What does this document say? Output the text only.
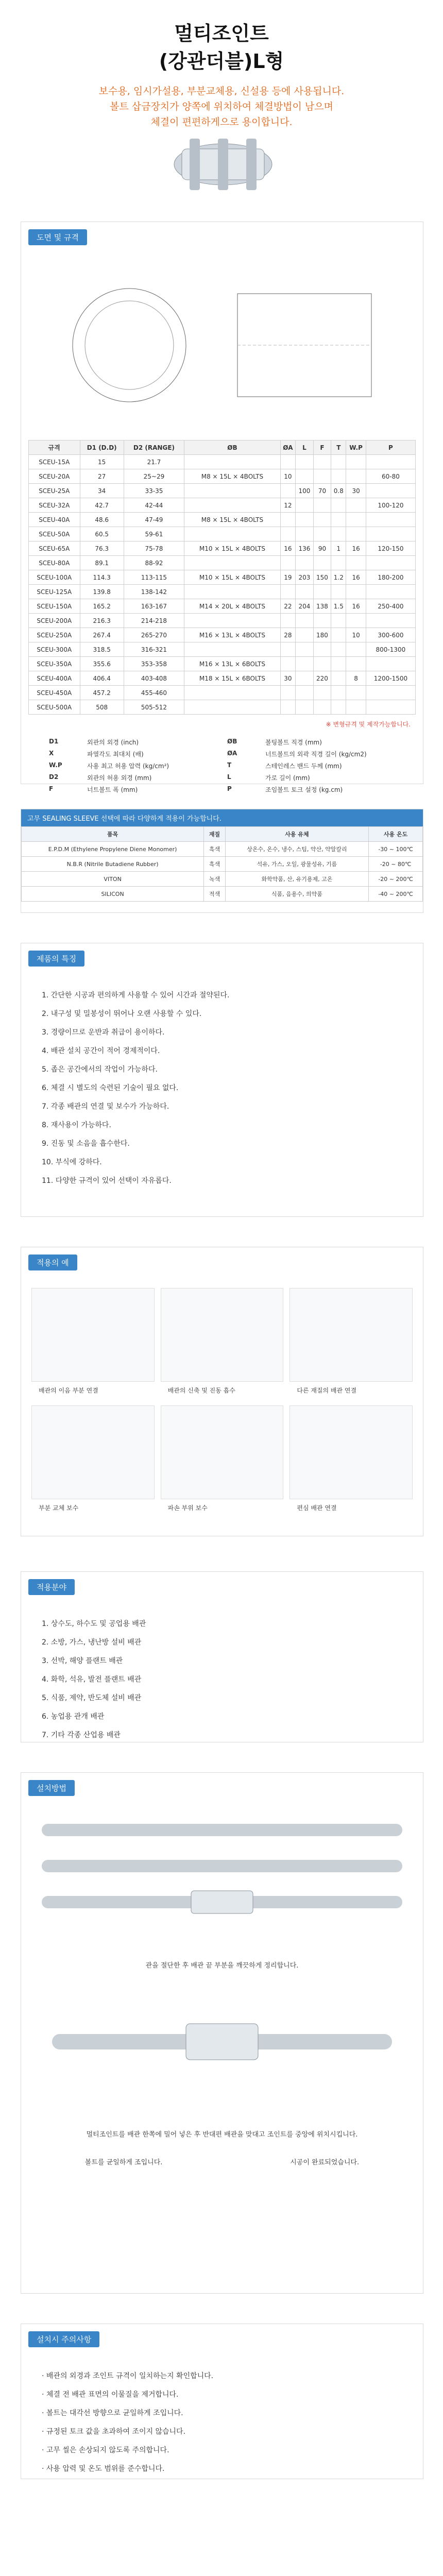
멀티조인트
(강관더블)L형
보수용, 임시가설용, 부분교체용, 신설용 등에 사용됩니다.
볼트 삽금장치가 양쪽에 위치하여 체결방법이 남으며
체결이 편편하게으로 용이합니다.
도면 및 규격
규격	D1 (D.D)	D2 (RANGE)	ØB	ØA	L	F	T	W.P	P
SCEU-15A	15	21.7							
SCEU-20A	27	25~29	M8 × 15L × 4BOLTS	10					60-80
SCEU-25A	34	33-35			100	70	0.8	30	
SCEU-32A	42.7	42-44		12					100-120
SCEU-40A	48.6	47-49	M8 × 15L × 4BOLTS						
SCEU-50A	60.5	59-61							
SCEU-65A	76.3	75-78	M10 × 15L × 4BOLTS	16	136	90	1	16	120-150
SCEU-80A	89.1	88-92							
SCEU-100A	114.3	113-115	M10 × 15L × 4BOLTS	19	203	150	1.2	16	180-200
SCEU-125A	139.8	138-142							
SCEU-150A	165.2	163-167	M14 × 20L × 4BOLTS	22	204	138	1.5	16	250-400
SCEU-200A	216.3	214-218							
SCEU-250A	267.4	265-270	M16 × 13L × 4BOLTS	28		180		10	300-600
SCEU-300A	318.5	316-321							800-1300
SCEU-350A	355.6	353-358	M16 × 13L × 6BOLTS						
SCEU-400A	406.4	403-408	M18 × 15L × 6BOLTS	30		220		8	1200-1500
SCEU-450A	457.2	455-460							
SCEU-500A	508	505-512							
※ 변형규격 및 제작가능합니다.
D1	외관의 외경 (inch)	ØB	볼팅볼트 직경 (mm)
X	파열각도 최대치 (배)	ØA	너트볼트의 외곽 직경 길이 (kg/cm2)
W.P	사용 최고 허용 압력 (kg/cm²)	T	스테인레스 밴드 두께 (mm)
D2	외관의 허용 외경 (mm)	L	가로 길이 (mm)
F	너트볼트 폭 (mm)	P	조임볼트 토크 설정 (kg.cm)
고무 SEALING SLEEVE 선택에 따라 다양하게 적용이 가능합니다.
품목	재질	사용 유체	사용 온도
E.P.D.M (Ethylene Propylene Diene Monomer)	흑색	상온수, 온수, 냉수, 스팀, 약산, 약알칼리	-30 ~ 100℃
N.B.R (Nitrile Butadiene Rubber)	흑색	석유, 가스, 오일, 광물성유, 기름	-20 ~ 80℃
VITON	녹색	화학약품, 산, 유기용제, 고온	-20 ~ 200℃
SILICON	적색	식품, 음용수, 의약품	-40 ~ 200℃
제품의 특징
1. 간단한 시공과 편의하게 사용할 수 있어 시간과 절약된다.
2. 내구성 및 밀봉성이 뛰어나 오랜 사용할 수 있다.
3. 경량이므로 운반과 취급이 용이하다.
4. 배관 설치 공간이 적어 경제적이다.
5. 좁은 공간에서의 작업이 가능하다.
6. 체결 시 별도의 숙련된 기술이 필요 없다.
7. 각종 배관의 연결 및 보수가 가능하다.
8. 재사용이 가능하다.
9. 진동 및 소음을 흡수한다.
10. 부식에 강하다.
11. 다양한 규격이 있어 선택이 자유롭다.
적용의 예
배관의 이음 부분 연결	배관의 신축 및 진동 흡수	다른 재질의 배관 연결
부분 교체 보수	파손 부위 보수	편심 배관 연결
적용분야
1. 상수도, 하수도 및 공업용 배관
2. 소방, 가스, 냉난방 설비 배관
3. 선박, 해양 플랜트 배관
4. 화학, 석유, 발전 플랜트 배관
5. 식품, 제약, 반도체 설비 배관
6. 농업용 관개 배관
7. 기타 각종 산업용 배관
설치방법
관을 절단한 후 배관 끝 부분을 깨끗하게 정리합니다.
멀티조인트를 배관 한쪽에 밀어 넣은 후 반대편 배관을 맞대고 조인트를 중앙에 위치시킵니다.
볼트를 균일하게 조입니다.	시공이 완료되었습니다.
설치시 주의사항
· 배관의 외경과 조인트 규격이 일치하는지 확인합니다.
· 체결 전 배관 표면의 이물질을 제거합니다.
· 볼트는 대각선 방향으로 균일하게 조입니다.
· 규정된 토크 값을 초과하여 조이지 않습니다.
· 고무 씰은 손상되지 않도록 주의합니다.
· 사용 압력 및 온도 범위를 준수합니다.
